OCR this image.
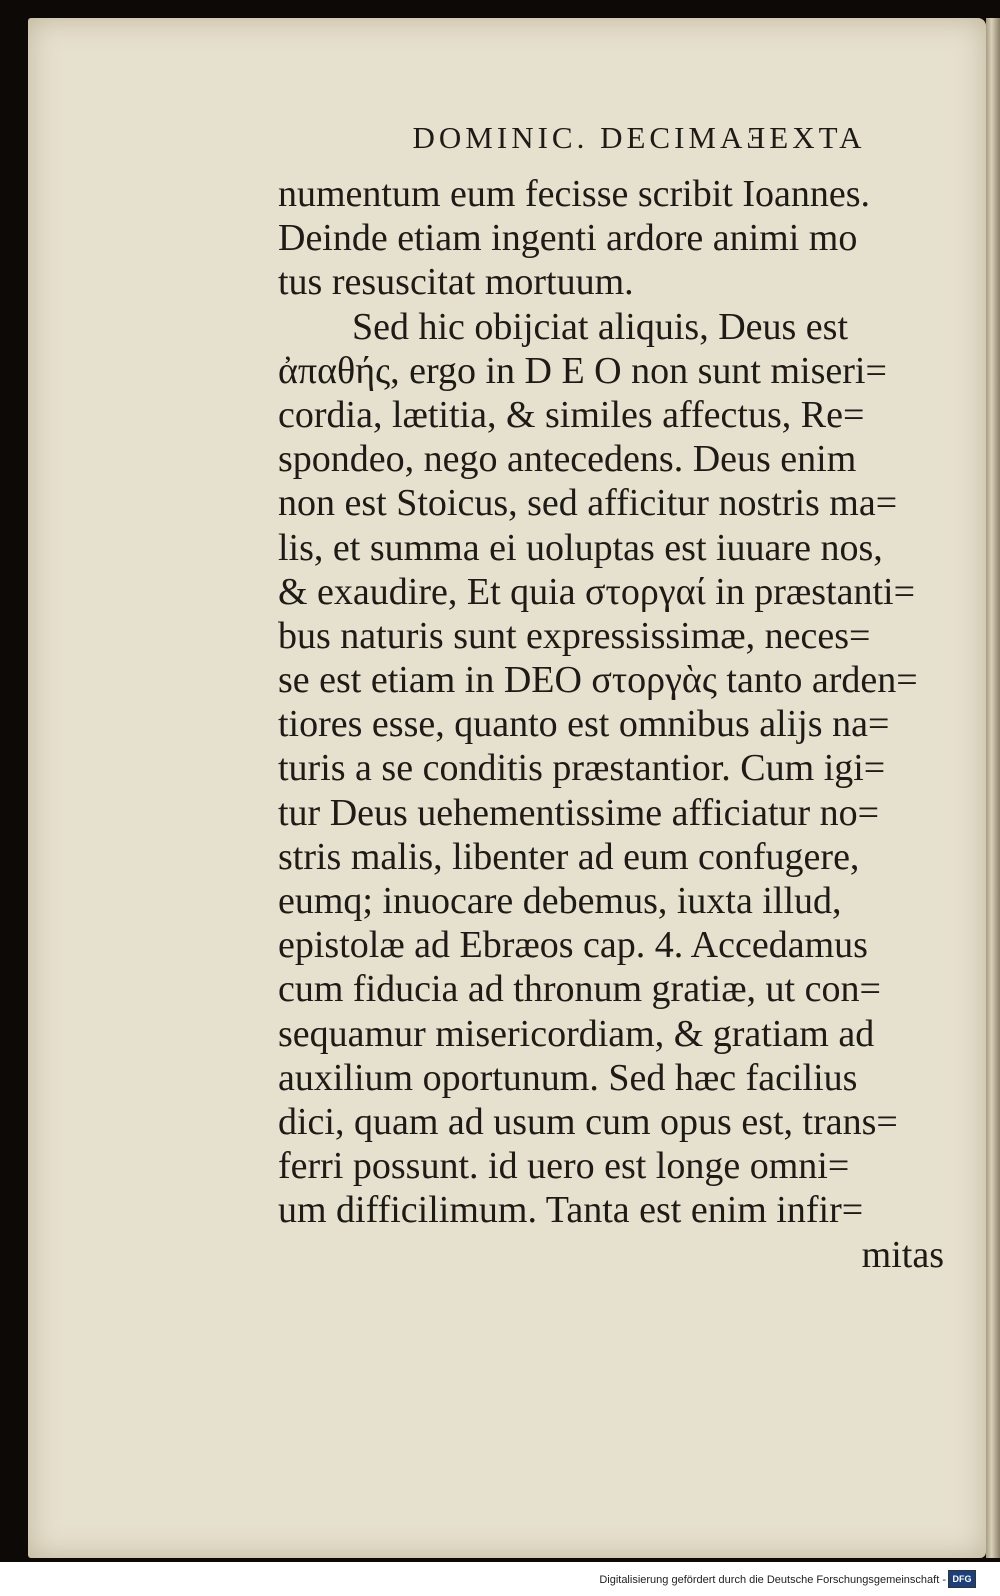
DOMINIC. DECIMAƎEXTA
numentum eum fecisse scribit Ioannes.
Deinde etiam ingenti ardore animi mo
tus resuscitat mortuum.
Sed hic obijciat aliquis, Deus est
ἀπαθής, ergo in D E O non sunt miseri=
cordia, lætitia, & similes affectus, Re=
spondeo, nego antecedens. Deus enim
non est Stoicus, sed afficitur nostris ma=
lis, et summa ei uoluptas est iuuare nos,
& exaudire, Et quia στοργαί in præstanti=
bus naturis sunt expressissimæ, neces=
se est etiam in DEO στοργὰς tanto arden=
tiores esse, quanto est omnibus alijs na=
turis a se conditis præstantior. Cum igi=
tur Deus uehementissime afficiatur no=
stris malis, libenter ad eum confugere,
eumq; inuocare debemus, iuxta illud,
epistolæ ad Ebræos cap. 4. Accedamus
cum fiducia ad thronum gratiæ, ut con=
sequamur misericordiam, & gratiam ad
auxilium oportunum. Sed hæc facilius
dici, quam ad usum cum opus est, trans=
ferri possunt. id uero est longe omni=
um difficilimum. Tanta est enim infir=
mitas
Digitalisierung gefördert durch die Deutsche Forschungsgemeinschaft - DFG
